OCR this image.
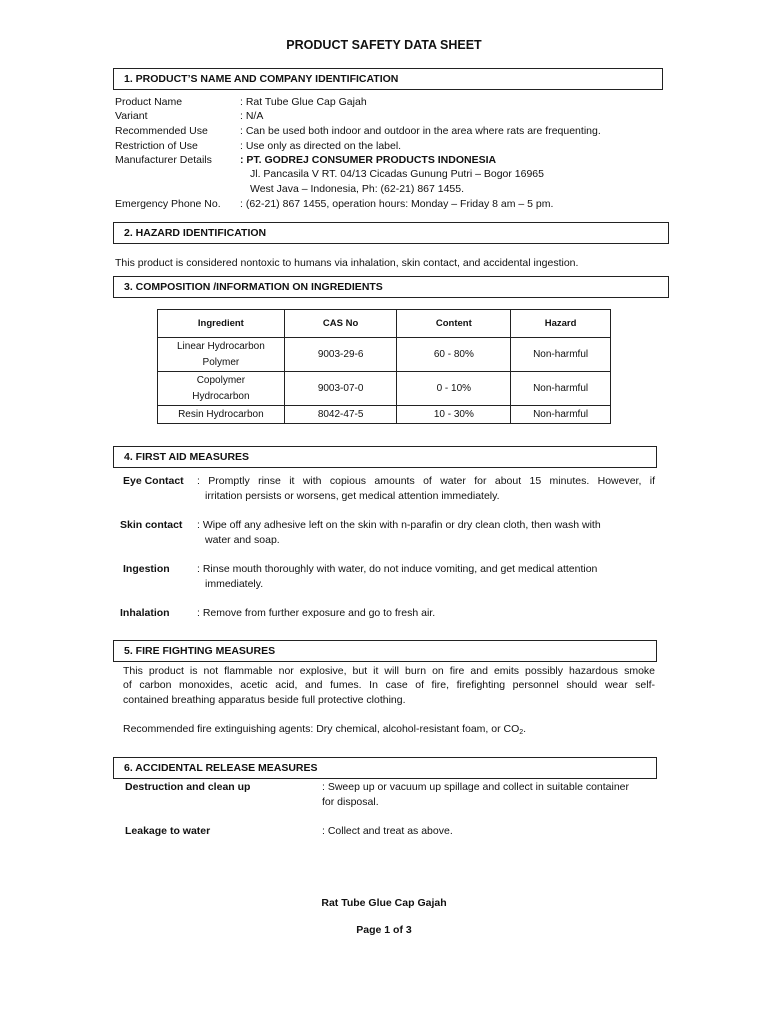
PRODUCT SAFETY DATA SHEET
1. PRODUCT’S NAME AND COMPANY IDENTIFICATION
Product Name	: Rat Tube Glue Cap Gajah
Variant	: N/A
Recommended Use	: Can be used both indoor and outdoor in the area where rats are frequenting.
Restriction of Use	: Use only as directed on the label.
Manufacturer Details	: PT. GODREJ CONSUMER PRODUCTS INDONESIA
Jl. Pancasila V RT. 04/13 Cicadas Gunung Putri – Bogor 16965
West Java – Indonesia, Ph: (62-21) 867 1455.
Emergency Phone No. : (62-21) 867 1455, operation hours: Monday – Friday 8 am – 5 pm.
2. HAZARD IDENTIFICATION
This product is considered nontoxic to humans via inhalation, skin contact, and accidental ingestion.
3. COMPOSITION /INFORMATION ON INGREDIENTS
Ingredient	CAS No	Content	Hazard
Linear Hydrocarbon
Polymer	9003-29-6	60 - 80%	Non-harmful
Copolymer
Hydrocarbon	9003-07-0	0 - 10%	Non-harmful
Resin Hydrocarbon	8042-47-5	10 - 30%	Non-harmful
4. FIRST AID MEASURES
Eye Contact : Promptly rinse it with copious amounts of water for about 15 minutes. However, if
irritation persists or worsens, get medical attention immediately.
Skin contact : Wipe off any adhesive left on the skin with n-parafin or dry clean cloth, then wash with
water and soap.
Ingestion	: Rinse mouth thoroughly with water, do not induce vomiting, and get medical attention
immediately.
Inhalation	: Remove from further exposure and go to fresh air.
5. FIRE FIGHTING MEASURES
This product is not flammable nor explosive, but it will burn on fire and emits possibly hazardous smoke
of carbon monoxides, acetic acid, and fumes. In case of fire, firefighting personnel should wear self-
contained breathing apparatus beside full protective clothing.
Recommended fire extinguishing agents: Dry chemical, alcohol-resistant foam, or $CO_2$.
6. ACCIDENTAL RELEASE MEASURES
Destruction and clean up	: Sweep up or vacuum up spillage and collect in suitable container
for disposal.
Leakage to water	: Collect and treat as above.
Rat Tube Glue Cap Gajah
Page 1 of 3
